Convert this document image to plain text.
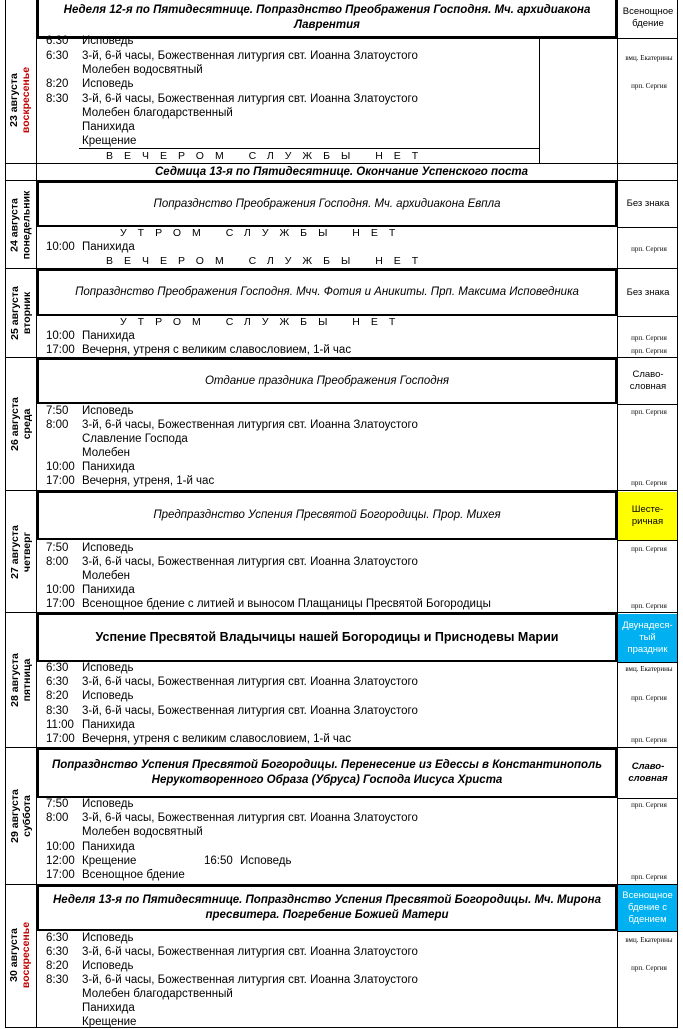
23 августа воскресенье
Неделя 12-я по Пятидесятнице. Попразднство Преображения Господня. Мч. архидиакона Лаврентия
Всенощное бдение
6:30 Исповедь
6:30 3-й, 6-й часы, Божественная литургия свт. Иоанна Златоустого
Молебен водосвятный
8:20 Исповедь
8:30 3-й, 6-й часы, Божественная литургия свт. Иоанна Златоустого
Молебен благодарственный
Панихида
Крещение
ВЕЧЕРОМ СЛУЖБЫ НЕТ
вмц. Екатерины
прп. Сергия
Седмица 13-я по Пятидесятнице. Окончание Успенского поста
24 августа понедельник	Попразднство Преображения Господня. Мч. архидиакона Евпла	Без знака
УТРОМ СЛУЖБЫ НЕТ
10:00 Панихида
ВЕЧЕРОМ СЛУЖБЫ НЕТ
прп. Сергия
25 августа вторник	Попразднство Преображения Господня. Мчч. Фотия и Аникиты. Прп. Максима Исповедника	Без знака
УТРОМ СЛУЖБЫ НЕТ
10:00 Панихида
17:00 Вечерня, утреня с великим славословием, 1-й час
прп. Сергия
прп. Сергия
26 августа среда
Отдание праздника Преображения Господня	Славо-словная
7:50 Исповедь
8:00 3-й, 6-й часы, Божественная литургия свт. Иоанна Златоустого
Славление Господа
Молебен
10:00 Панихида
17:00 Вечерня, утреня, 1-й час
прп. Сергия
прп. Сергия
27 августа четверг
Предпразднство Успения Пресвятой Богородицы. Прор. Михея	Шесте-ричная
7:50 Исповедь
8:00 3-й, 6-й часы, Божественная литургия свт. Иоанна Златоустого
Молебен
10:00 Панихида
17:00 Всенощное бдение с литией и выносом Плащаницы Пресвятой Богородицы
прп. Сергия
прп. Сергия
28 августа пятница
Успение Пресвятой Владычицы нашей Богородицы и Приснодевы Марии
Двунадеся-тый праздник
6:30 Исповедь
6:30 3-й, 6-й часы, Божественная литургия свт. Иоанна Златоустого
8:20 Исповедь
8:30 3-й, 6-й часы, Божественная литургия свт. Иоанна Златоустого
11:00 Панихида
17:00 Вечерня, утреня с великим славословием, 1-й час
вмц. Екатерины
прп. Сергия
прп. Сергия
29 августа суббота
Попразднство Успения Пресвятой Богородицы. Перенесение из Едессы в Константинополь Нерукотворенного Образа (Убруса) Господа Иисуса Христа
Славо-словная
7:50 Исповедь
8:00 3-й, 6-й часы, Божественная литургия свт. Иоанна Златоустого
Молебен водосвятный
10:00 Панихида
12:00 Крещение	16:50 Исповедь
17:00 Всенощное бдение
прп. Сергия
прп. Сергия
30 августа воскресенье
Неделя 13-я по Пятидесятнице. Попразднство Успения Пресвятой Богородицы. Мч. Мирона пресвитера. Погребение Божией Матери
Всенощное бдение с бдением
6:30 Исповедь
6:30 3-й, 6-й часы, Божественная литургия свт. Иоанна Златоустого
8:20 Исповедь
8:30 3-й, 6-й часы, Божественная литургия свт. Иоанна Златоустого
Молебен благодарственный
Панихида
Крещение
вмц. Екатерины
прп. Сергия
